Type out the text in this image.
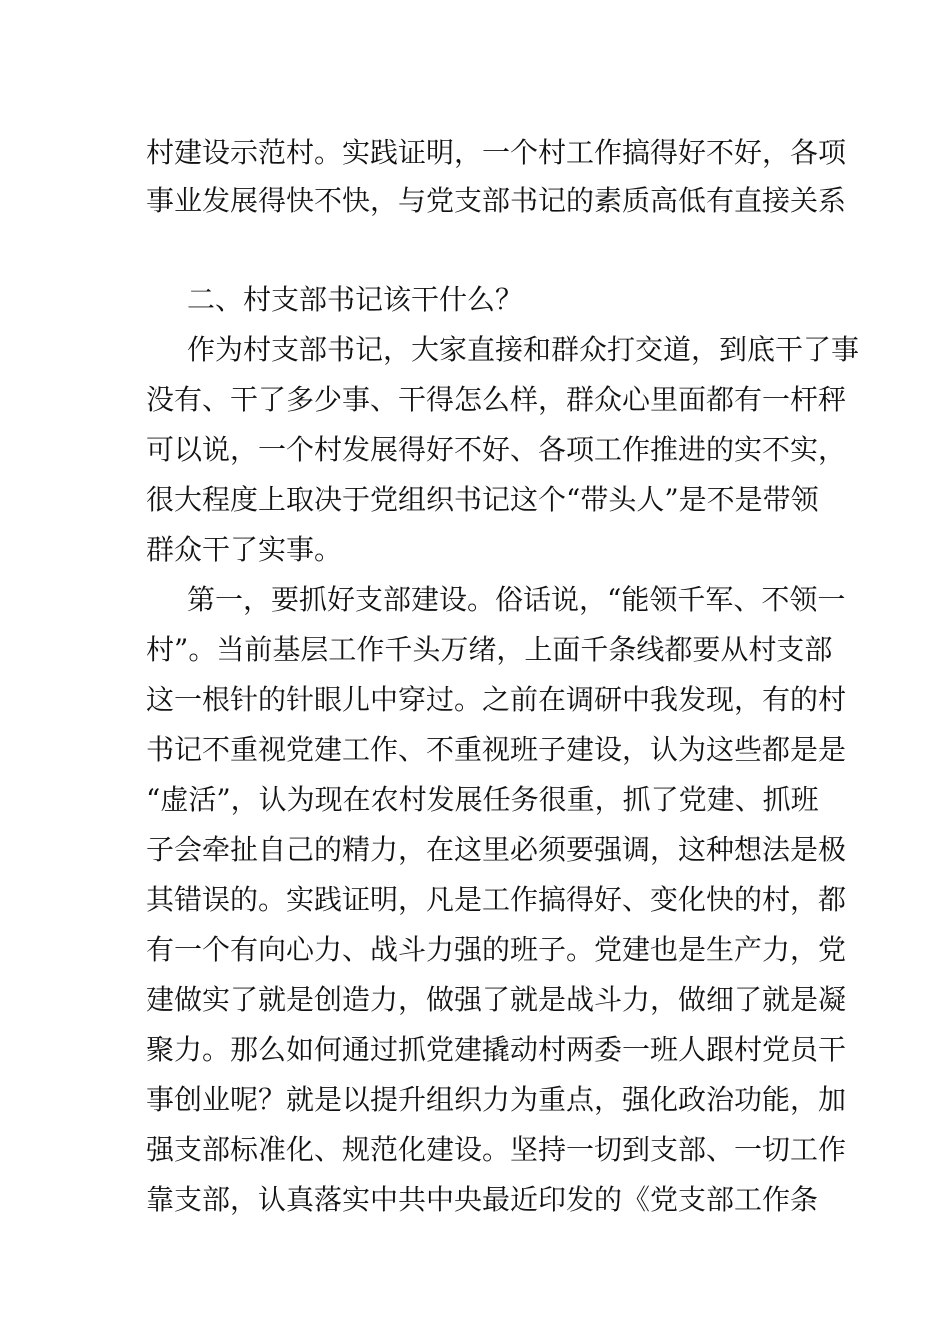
村建设示范村。实践证明，一个村工作搞得好不好，各项
事业发展得快不快，与党支部书记的素质高低有直接关系
二、村支部书记该干什么？
作为村支部书记，大家直接和群众打交道，到底干了事
没有、干了多少事、干得怎么样，群众心里面都有一杆秤
可以说，一个村发展得好不好、各项工作推进的实不实，
很大程度上取决于党组织书记这个“带头人”是不是带领
群众干了实事。
第一，要抓好支部建设。俗话说，“能领千军、不领一
村”。当前基层工作千头万绪，上面千条线都要从村支部
这一根针的针眼儿中穿过。之前在调研中我发现，有的村
书记不重视党建工作、不重视班子建设，认为这些都是是
“虚活”，认为现在农村发展任务很重，抓了党建、抓班
子会牵扯自己的精力，在这里必须要强调，这种想法是极
其错误的。实践证明，凡是工作搞得好、变化快的村，都
有一个有向心力、战斗力强的班子。党建也是生产力，党
建做实了就是创造力，做强了就是战斗力，做细了就是凝
聚力。那么如何通过抓党建撬动村两委一班人跟村党员干
事创业呢？就是以提升组织力为重点，强化政治功能，加
强支部标准化、规范化建设。坚持一切到支部、一切工作
靠支部，认真落实中共中央最近印发的《党支部工作条
